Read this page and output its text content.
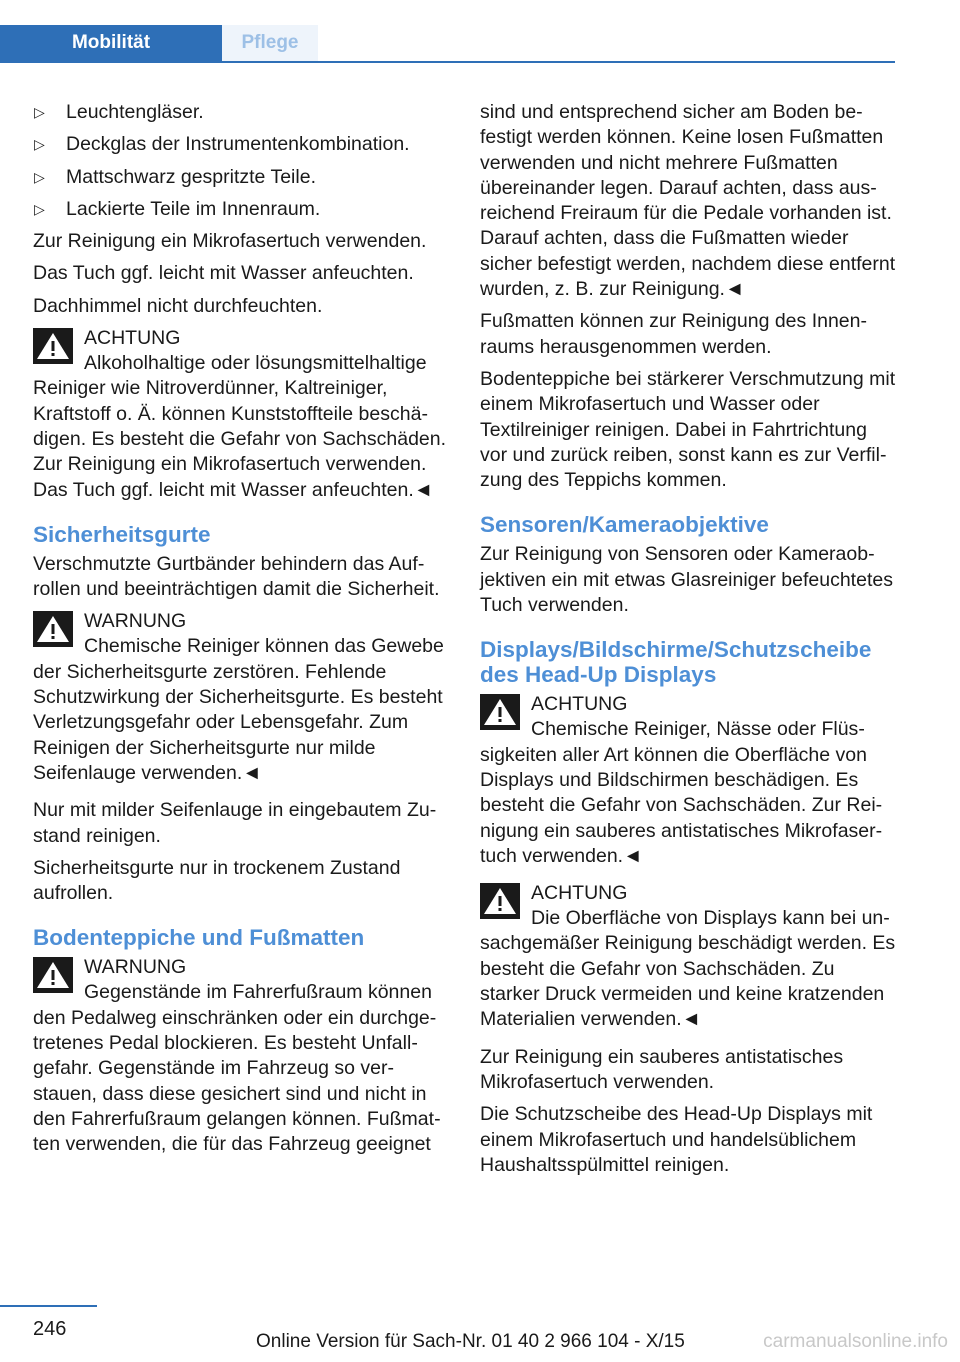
Mobilität	Pflege
▷ Leuchtengläser.
▷ Deckglas der Instrumentenkombination.
▷ Mattschwarz gespritzte Teile.
▷ Lackierte Teile im Innenraum.

Zur Reinigung ein Mikrofasertuch verwenden.

Das Tuch ggf. leicht mit Wasser anfeuchten.

Dachhimmel nicht durchfeuchten.

ACHTUNG
Alkoholhaltige oder lösungsmittelhaltige Reiniger wie Nitroverdünner, Kaltreiniger, Kraftstoff o. Ä. können Kunststoffteile beschädigen. Es besteht die Gefahr von Sachschäden. Zur Reinigung ein Mikrofasertuch verwenden. Das Tuch ggf. leicht mit Wasser anfeuchten.◄
Sicherheitsgurte

Verschmutzte Gurtbänder behindern das Aufrollen und beeinträchtigen damit die Sicherheit.

WARNUNG
Chemische Reiniger können das Gewebe der Sicherheitsgurte zerstören. Fehlende Schutzwirkung der Sicherheitsgurte. Es besteht Verletzungsgefahr oder Lebensgefahr. Zum Reinigen der Sicherheitsgurte nur milde Seifenlauge verwenden.◄

Nur mit milder Seifenlauge in eingebautem Zustand reinigen.

Sicherheitsgurte nur in trockenem Zustand aufrollen.

Bodenteppiche und Fußmatten
WARNUNG
Gegenstände im Fahrerfußraum können den Pedalweg einschränken oder ein durchgetretenes Pedal blockieren. Es besteht Unfallgefahr. Gegenstände im Fahrzeug so verstauen, dass diese gesichert sind und nicht in den Fahrerfußraum gelangen können. Fußmatten verwenden, die für das Fahrzeug geeignet

sind und entsprechend sicher am Boden befestigt werden können. Keine losen Fußmatten verwenden und nicht mehrere Fußmatten übereinander legen. Darauf achten, dass ausreichend Freiraum für die Pedale vorhanden ist. Darauf achten, dass die Fußmatten wieder sicher befestigt werden, nachdem diese entfernt wurden, z. B. zur Reinigung.◄

Fußmatten können zur Reinigung des Innenraums herausgenommen werden.

Bodenteppiche bei stärkerer Verschmutzung mit einem Mikrofasertuch und Wasser oder Textilreiniger reinigen. Dabei in Fahrtrichtung vor und zurück reiben, sonst kann es zur Verfilzung des Teppichs kommen.

Sensoren/Kameraobjektive

Zur Reinigung von Sensoren oder Kameraobjektiven ein mit etwas Glasreiniger befeuchtetes Tuch verwenden.

Displays/Bildschirme/Schutzscheibe des Head-Up Displays
ACHTUNG
Chemische Reiniger, Nässe oder Flüssigkeiten aller Art können die Oberfläche von Displays und Bildschirmen beschädigen. Es besteht die Gefahr von Sachschäden. Zur Reinigung ein sauberes antistatisches Mikrofasertuch verwenden.◄
ACHTUNG
Die Oberfläche von Displays kann bei unsachgemäßer Reinigung beschädigt werden. Es besteht die Gefahr von Sachschäden. Zu starker Druck vermeiden und keine kratzenden Materialien verwenden.◄

Zur Reinigung ein sauberes antistatisches Mikrofasertuch verwenden.

Die Schutzscheibe des Head-Up Displays mit einem Mikrofasertuch und handelsüblichem Haushaltsspülmittel reinigen.

246
Online Version für Sach-Nr. 01 40 2 966 104 - X/15	carmanualsonline.info
